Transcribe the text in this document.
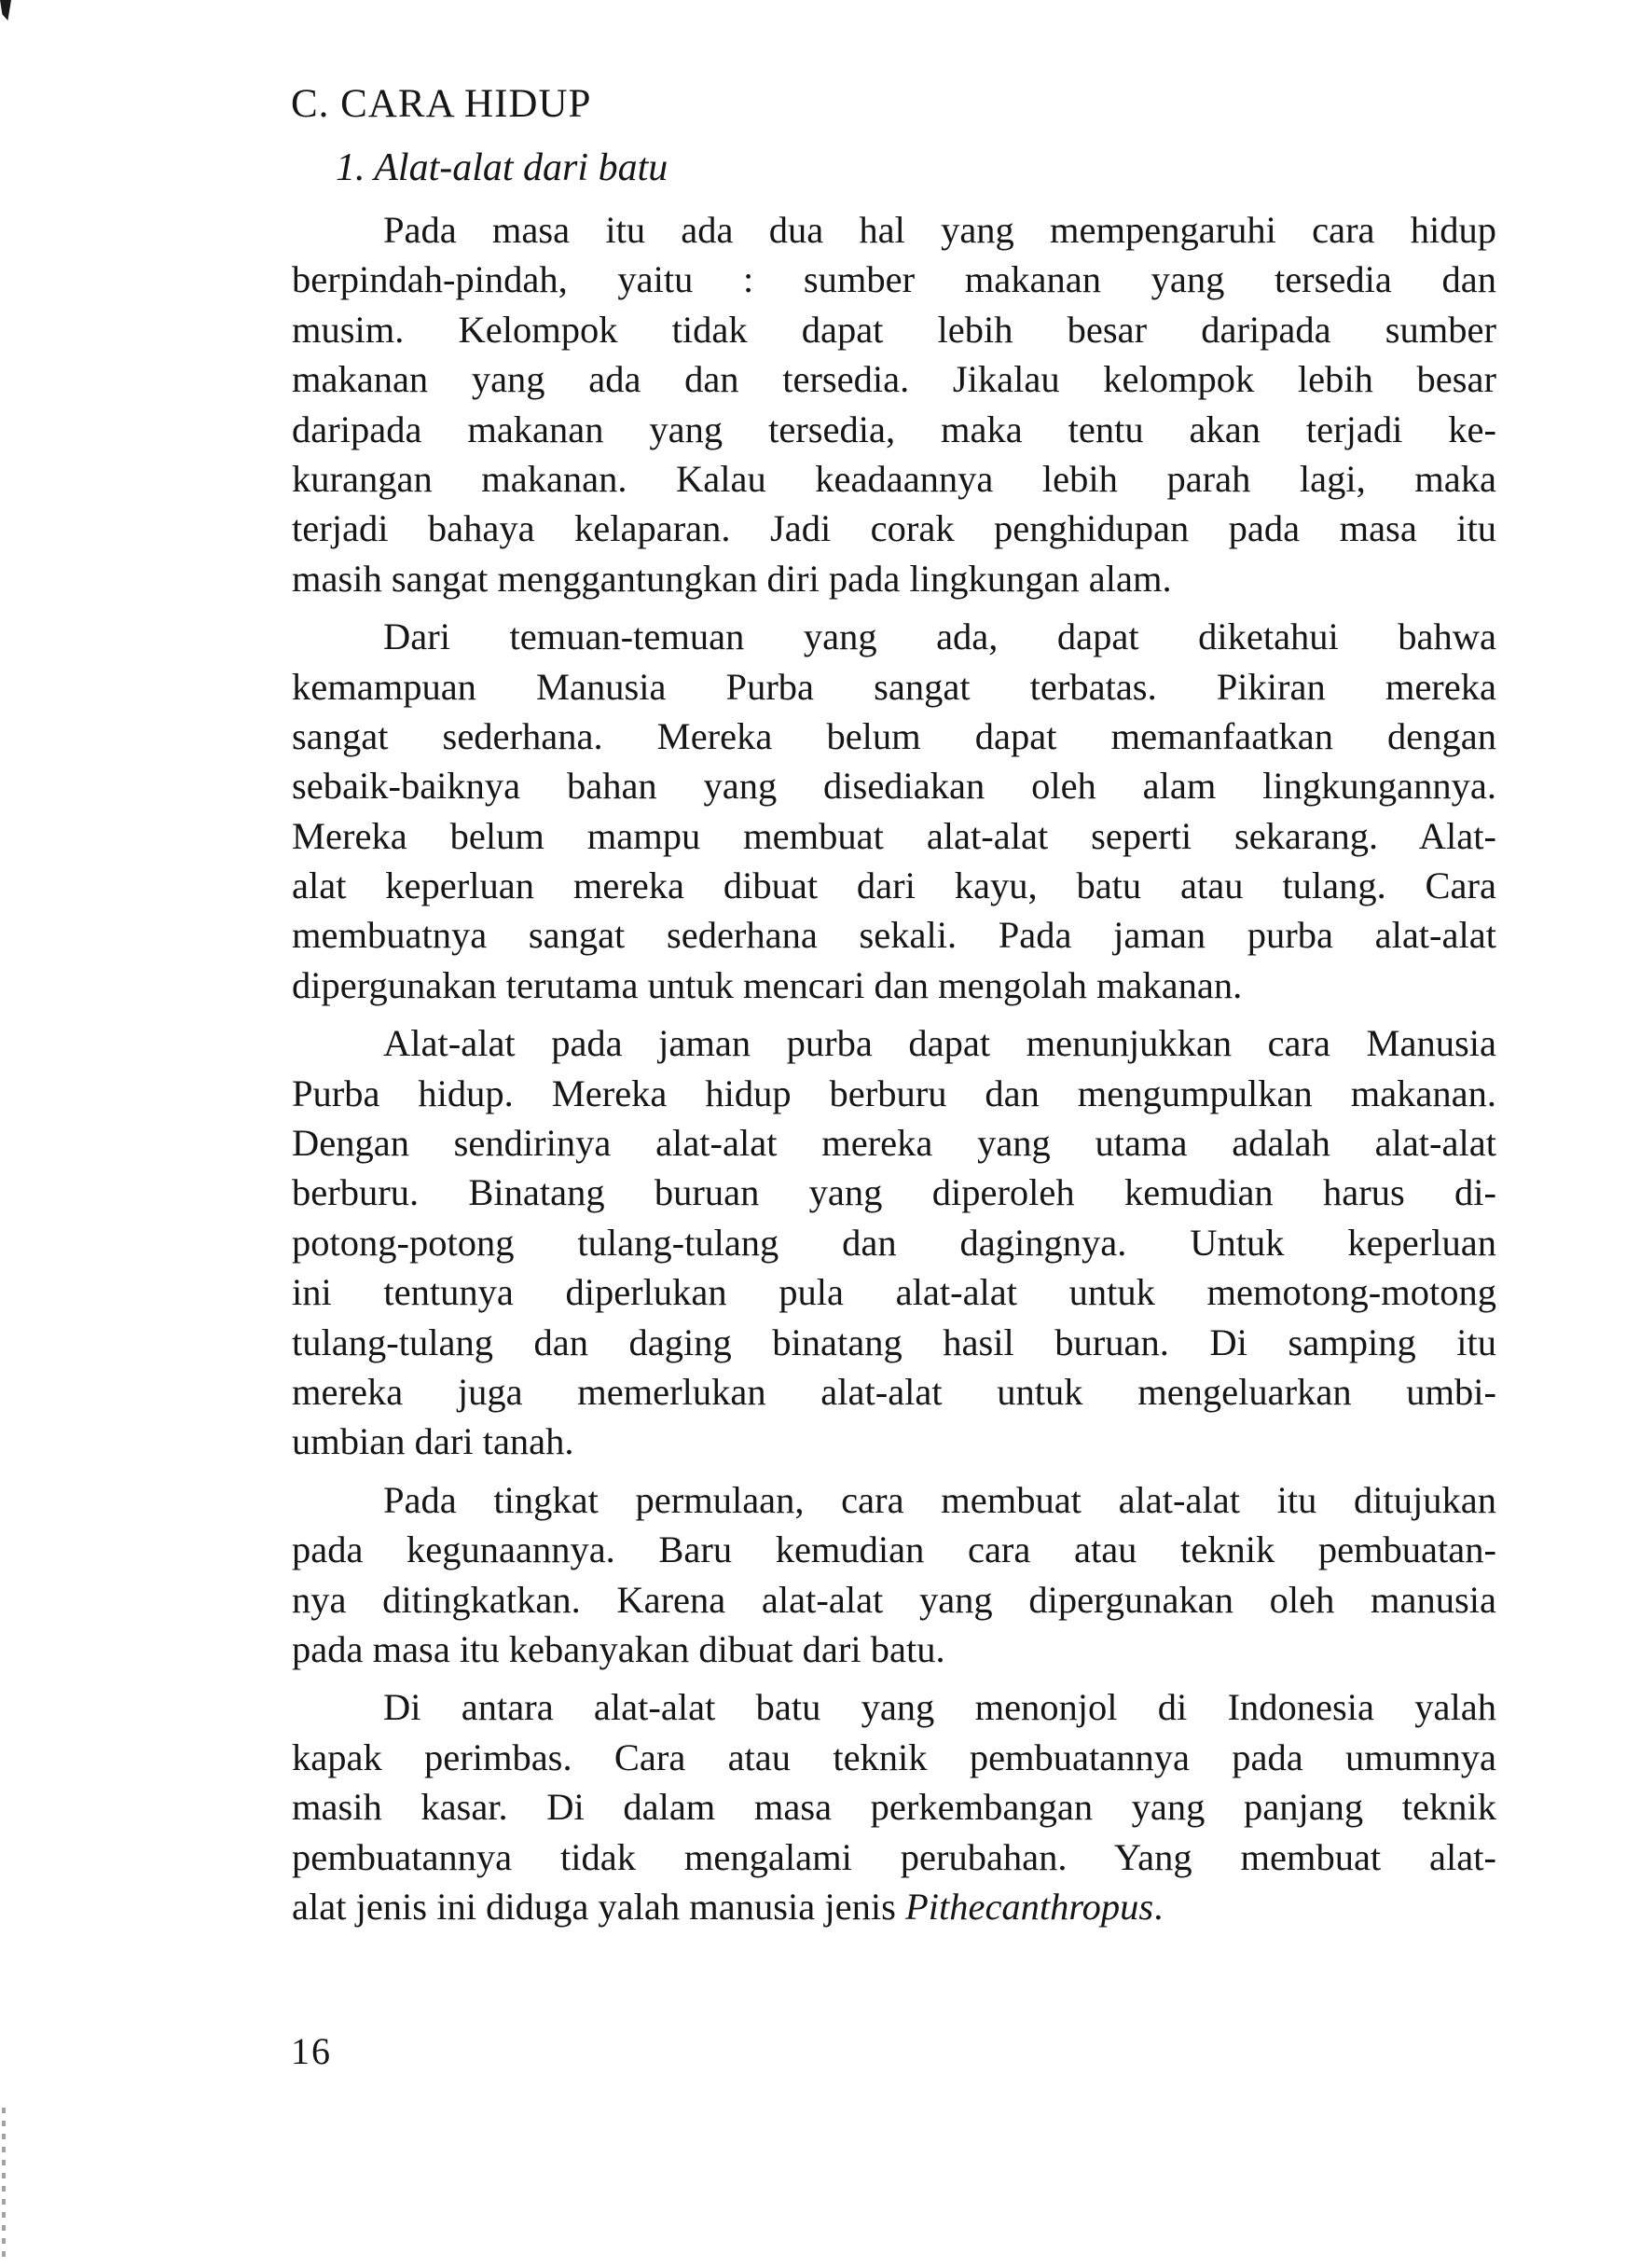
C. CARA HIDUP
1. Alat-alat dari batu
Pada masa itu ada dua hal yang mempengaruhi cara hidup
berpindah-pindah, yaitu : sumber makanan yang tersedia dan
musim. Kelompok tidak dapat lebih besar daripada sumber
makanan yang ada dan tersedia. Jikalau kelompok lebih besar
daripada makanan yang tersedia, maka tentu akan terjadi ke-
kurangan makanan. Kalau keadaannya lebih parah lagi, maka
terjadi bahaya kelaparan. Jadi corak penghidupan pada masa itu
masih sangat menggantungkan diri pada lingkungan alam.
Dari temuan-temuan yang ada, dapat diketahui bahwa
kemampuan Manusia Purba sangat terbatas. Pikiran mereka
sangat sederhana. Mereka belum dapat memanfaatkan dengan
sebaik-baiknya bahan yang disediakan oleh alam lingkungannya.
Mereka belum mampu membuat alat-alat seperti sekarang. Alat-
alat keperluan mereka dibuat dari kayu, batu atau tulang. Cara
membuatnya sangat sederhana sekali. Pada jaman purba alat-alat
dipergunakan terutama untuk mencari dan mengolah makanan.
Alat-alat pada jaman purba dapat menunjukkan cara Manusia
Purba hidup. Mereka hidup berburu dan mengumpulkan makanan.
Dengan sendirinya alat-alat mereka yang utama adalah alat-alat
berburu. Binatang buruan yang diperoleh kemudian harus di-
potong-potong tulang-tulang dan dagingnya. Untuk keperluan
ini tentunya diperlukan pula alat-alat untuk memotong-motong
tulang-tulang dan daging binatang hasil buruan. Di samping itu
mereka juga memerlukan alat-alat untuk mengeluarkan umbi-
umbian dari tanah.
Pada tingkat permulaan, cara membuat alat-alat itu ditujukan
pada kegunaannya. Baru kemudian cara atau teknik pembuatan-
nya ditingkatkan. Karena alat-alat yang dipergunakan oleh manusia
pada masa itu kebanyakan dibuat dari batu.
Di antara alat-alat batu yang menonjol di Indonesia yalah
kapak perimbas. Cara atau teknik pembuatannya pada umumnya
masih kasar. Di dalam masa perkembangan yang panjang teknik
pembuatannya tidak mengalami perubahan. Yang membuat alat-
alat jenis ini diduga yalah manusia jenis Pithecanthropus.
16
